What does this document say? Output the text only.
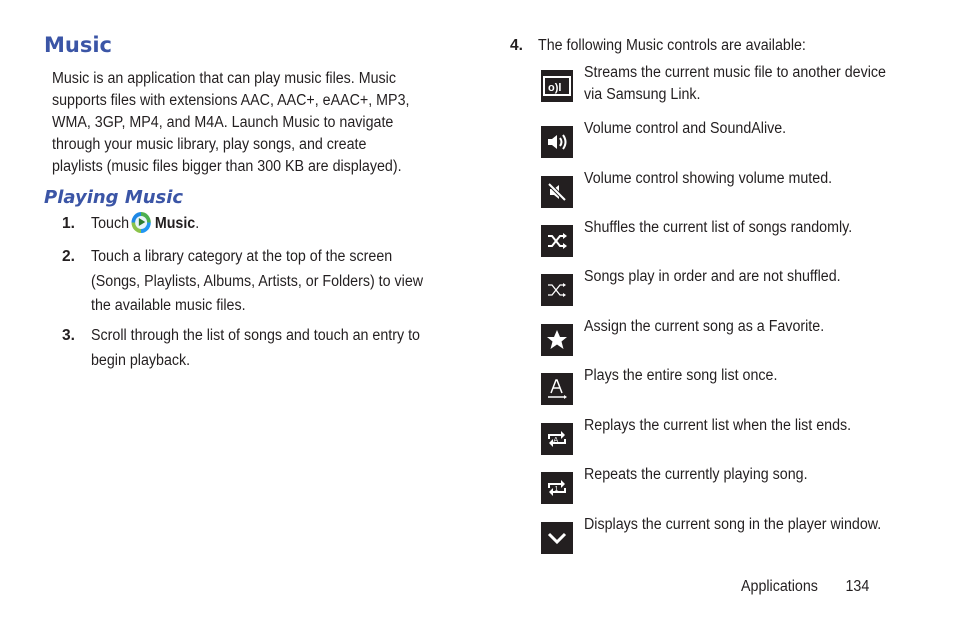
Music

Music is an application that can play music files. Music supports files with extensions AAC, AAC+, eAAC+, MP3, WMA, 3GP, MP4, and M4A. Launch Music to navigate through your music library, play songs, and create playlists (music files bigger than 300 KB are displayed).

Playing Music
1. Touch Music.
2. Touch a library category at the top of the screen (Songs, Playlists, Albums, Artists, or Folders) to view the available music files.
3. Scroll through the list of songs and touch an entry to begin playback.
4. The following Music controls are available:
o)l
Streams the current music file to another device via Samsung Link.
Volume control and SoundAlive.
Volume control showing volume muted.
Shuffles the current list of songs randomly.
Songs play in order and are not shuffled.
Assign the current song as a Favorite.
Plays the entire song list once.
A
Replays the current list when the list ends.
1
Repeats the currently playing song.
Displays the current song in the player window.
Applications 134
